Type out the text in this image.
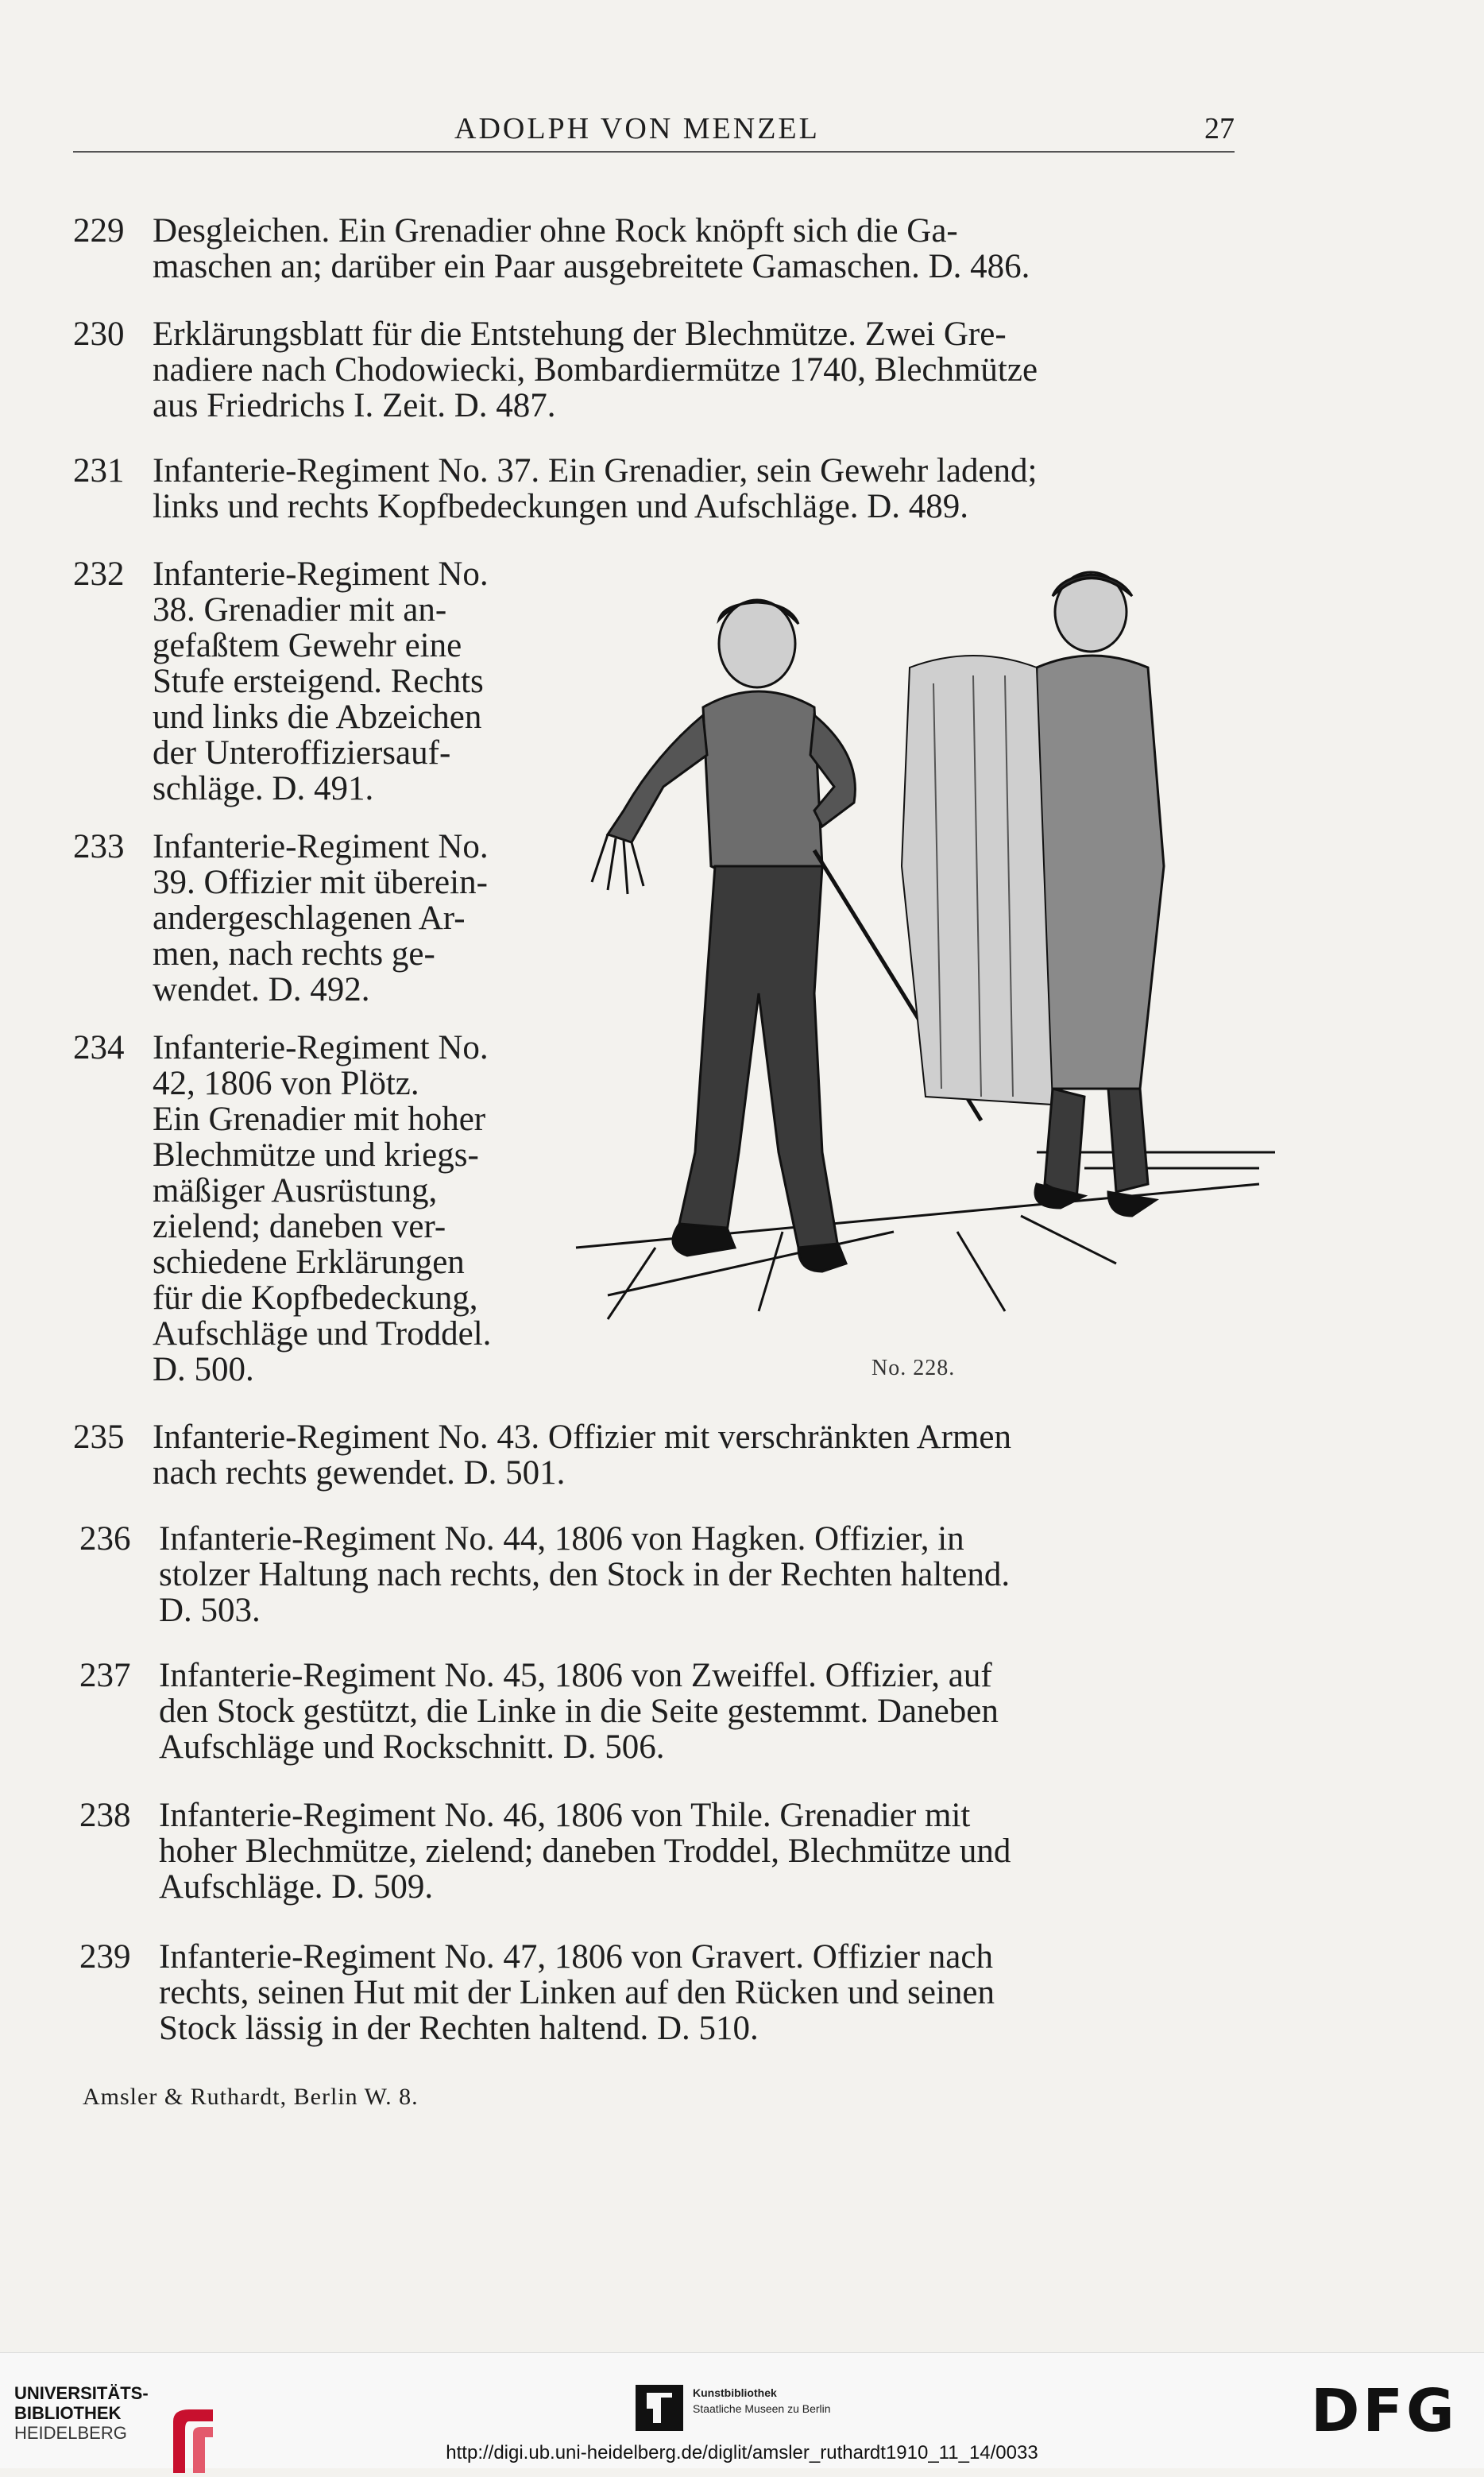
ADOLPH VON MENZEL	27
229 Desgleichen. Ein Grenadier ohne Rock knöpft sich die Ga-
maschen an; darüber ein Paar ausgebreitete Gamaschen. D. 486.
230 Erklärungsblatt für die Entstehung der Blechmütze. Zwei Gre-
nadiere nach Chodowiecki, Bombardiermütze 1740, Blechmütze
aus Friedrichs I. Zeit. D. 487.
231 Infanterie-Regiment No. 37. Ein Grenadier, sein Gewehr ladend;
links und rechts Kopfbedeckungen und Aufschläge. D. 489.
232 Infanterie-Regiment No.
38. Grenadier mit an-
gefaßtem Gewehr eine
Stufe ersteigend. Rechts
und links die Abzeichen
der Unteroffiziersauf-
schläge. D. 491.
233 Infanterie-Regiment No.
39. Offizier mit überein-
andergeschlagenen Ar-
men, nach rechts ge-
wendet. D. 492.
234 Infanterie-Regiment No.
42, 1806 von Plötz.
Ein Grenadier mit hoher
Blechmütze und kriegs-
mäßiger Ausrüstung,
zielend; daneben ver-
schiedene Erklärungen
für die Kopfbedeckung,
Aufschläge und Troddel.
D. 500.	No. 228.
235 Infanterie-Regiment No. 43. Offizier mit verschränkten Armen
nach rechts gewendet. D. 501.
236 Infanterie-Regiment No. 44, 1806 von Hagken. Offizier, in
stolzer Haltung nach rechts, den Stock in der Rechten haltend.
D. 503.
237 Infanterie-Regiment No. 45, 1806 von Zweiffel. Offizier, auf
den Stock gestützt, die Linke in die Seite gestemmt. Daneben
Aufschläge und Rockschnitt. D. 506.
238 Infanterie-Regiment No. 46, 1806 von Thile. Grenadier mit
hoher Blechmütze, zielend; daneben Troddel, Blechmütze und
Aufschläge. D. 509.
239 Infanterie-Regiment No. 47, 1806 von Gravert. Offizier nach
rechts, seinen Hut mit der Linken auf den Rücken und seinen
Stock lässig in der Rechten haltend. D. 510.
Amsler & Ruthardt, Berlin W. 8.
UNIVERSITÄTS-
BIBLIOTHEK
HEIDELBERG
Kunstbibliothek
Staatliche Museen zu Berlin	DFG
http://digi.ub.uni-heidelberg.de/diglit/amsler_ruthardt1910_11_14/0033
